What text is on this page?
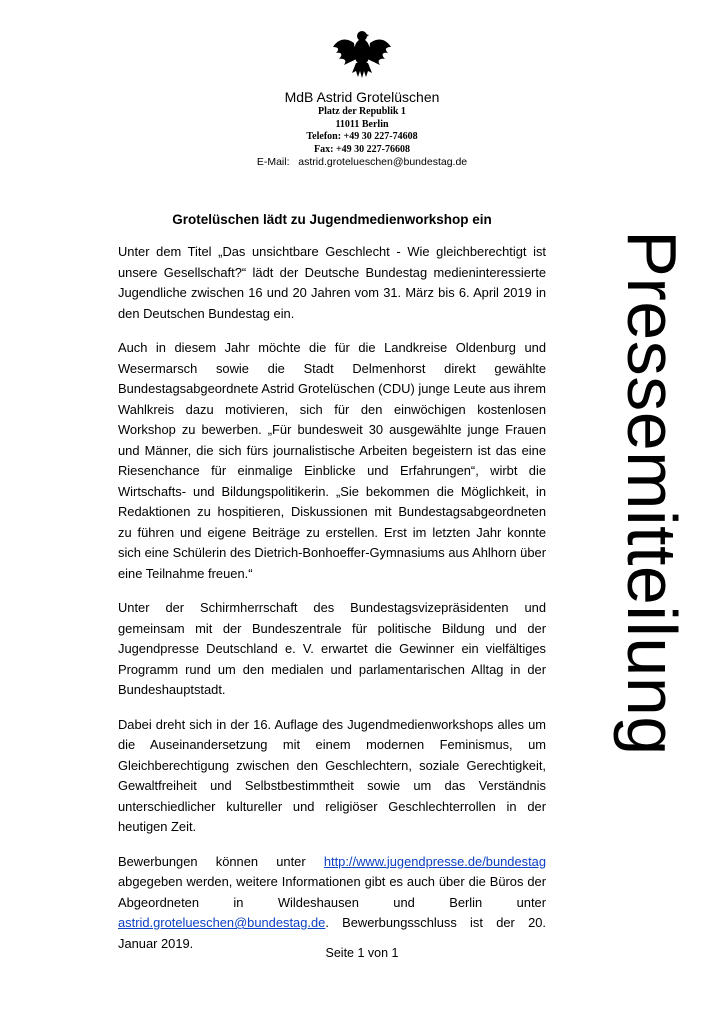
MdB Astrid Grotelüschen

Platz der Republik 1

11011 Berlin

Telefon: +49 30 227-74608

Fax: +49 30 227-76608

E-Mail: astrid.grotelueschen@bundestag.de

Pressemitteilung

Grotelüschen lädt zu Jugendmedienworkshop ein

Unter dem Titel „Das unsichtbare Geschlecht - Wie gleichberechtigt ist unsere Gesellschaft?“ lädt der Deutsche Bundestag medieninteressierte Jugendliche zwischen 16 und 20 Jahren vom 31. März bis 6. April 2019 in den Deutschen Bundestag ein.

Auch in diesem Jahr möchte die für die Landkreise Oldenburg und Wesermarsch sowie die Stadt Delmenhorst direkt gewählte Bundestagsabgeordnete Astrid Grotelüschen (CDU) junge Leute aus ihrem Wahlkreis dazu motivieren, sich für den einwöchigen kostenlosen Workshop zu bewerben. „Für bundesweit 30 ausgewählte junge Frauen und Männer, die sich fürs journalistische Arbeiten begeistern ist das eine Riesenchance für einmalige Einblicke und Erfahrungen“, wirbt die Wirtschafts- und Bildungspolitikerin. „Sie bekommen die Möglichkeit, in Redaktionen zu hospitieren, Diskussionen mit Bundestagsabgeordneten zu führen und eigene Beiträge zu erstellen. Erst im letzten Jahr konnte sich eine Schülerin des Dietrich-Bonhoeffer-Gymnasiums aus Ahlhorn über eine Teilnahme freuen.“

Unter der Schirmherrschaft des Bundestagsvizepräsidenten und gemeinsam mit der Bundeszentrale für politische Bildung und der Jugendpresse Deutschland e. V. erwartet die Gewinner ein vielfältiges Programm rund um den medialen und parlamentarischen Alltag in der Bundeshauptstadt.

Dabei dreht sich in der 16. Auflage des Jugendmedienworkshops alles um die Auseinandersetzung mit einem modernen Feminismus, um Gleichberechtigung zwischen den Geschlechtern, soziale Gerechtigkeit, Gewaltfreiheit und Selbstbestimmtheit sowie um das Verständnis unterschiedlicher kultureller und religiöser Geschlechterrollen in der heutigen Zeit.

Bewerbungen können unter http://www.jugendpresse.de/bundestag abgegeben werden, weitere Informationen gibt es auch über die Büros der Abgeordneten in Wildeshausen und Berlin unter astrid.grotelueschen@bundestag.de. Bewerbungsschluss ist der 20. Januar 2019.

Seite 1 von 1
